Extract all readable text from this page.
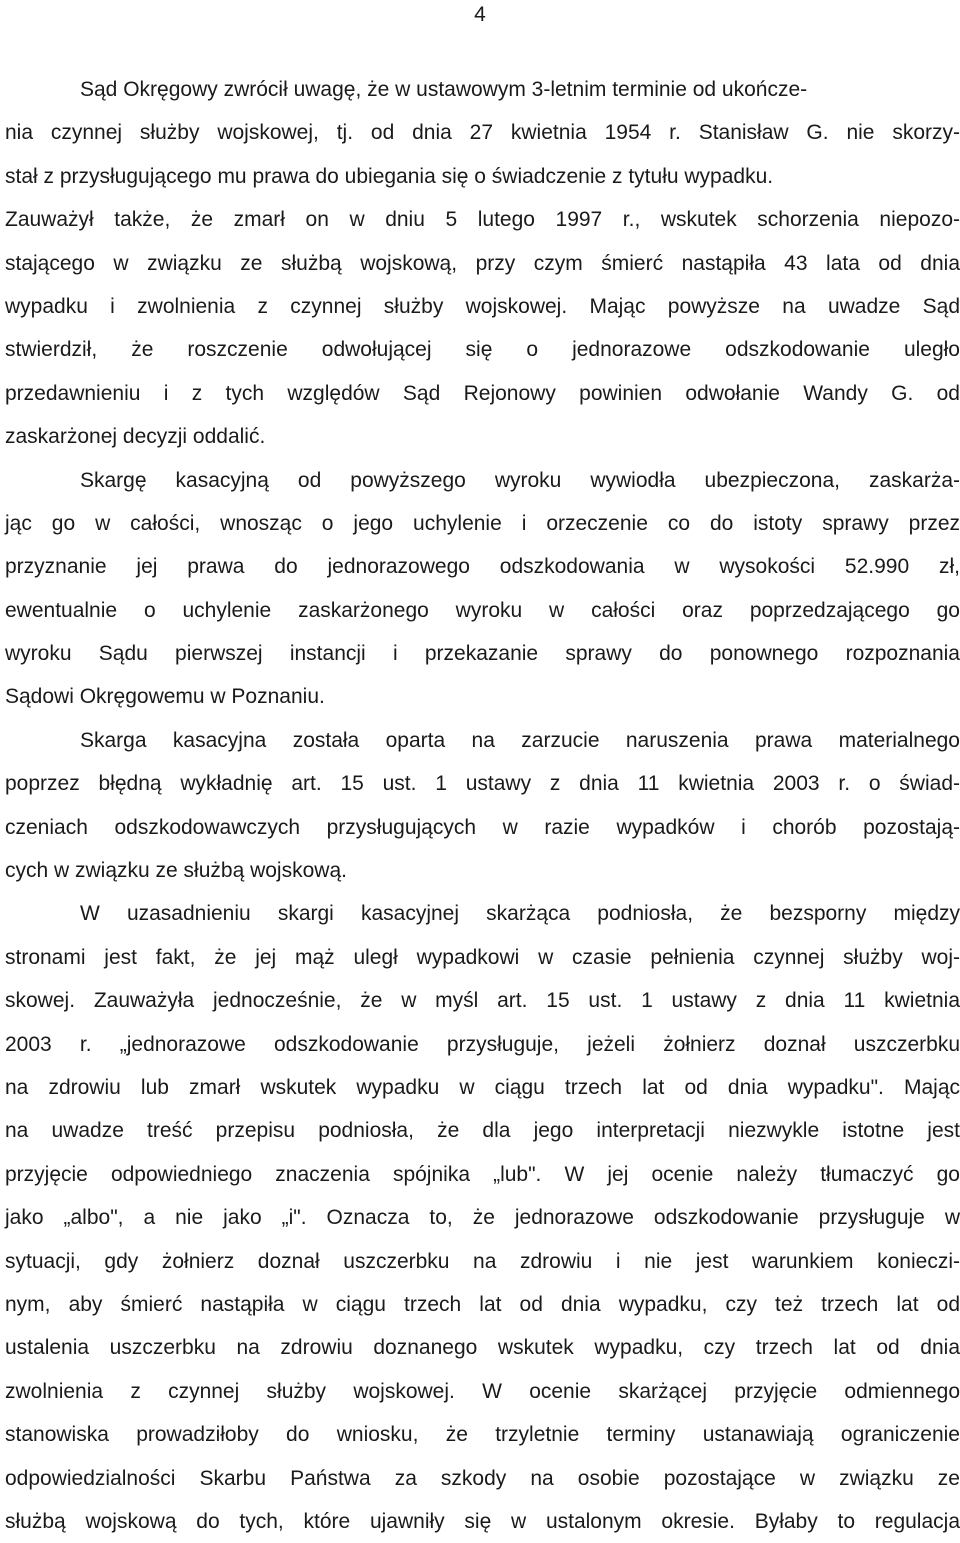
4
Sąd Okręgowy zwrócił uwagę, że w ustawowym 3-letnim terminie od ukończe-
nia czynnej służby wojskowej, tj. od dnia 27 kwietnia 1954 r. Stanisław G. nie skorzy-
stał z przysługującego mu prawa do ubiegania się o świadczenie z tytułu wypadku.
Zauważył także, że zmarł on w dniu 5 lutego 1997 r., wskutek schorzenia niepozo-
stającego w związku ze służbą wojskową, przy czym śmierć nastąpiła 43 lata od dnia
wypadku i zwolnienia z czynnej służby wojskowej. Mając powyższe na uwadze Sąd
stwierdził, że roszczenie odwołującej się o jednorazowe odszkodowanie uległo
przedawnieniu i z tych względów Sąd Rejonowy powinien odwołanie Wandy G. od
zaskarżonej decyzji oddalić.
Skargę kasacyjną od powyższego wyroku wywiodła ubezpieczona, zaskarża-
jąc go w całości, wnosząc o jego uchylenie i orzeczenie co do istoty sprawy przez
przyznanie jej prawa do jednorazowego odszkodowania w wysokości 52.990 zł,
ewentualnie o uchylenie zaskarżonego wyroku w całości oraz poprzedzającego go
wyroku Sądu pierwszej instancji i przekazanie sprawy do ponownego rozpoznania
Sądowi Okręgowemu w Poznaniu.
Skarga kasacyjna została oparta na zarzucie naruszenia prawa materialnego
poprzez błędną wykładnię art. 15 ust. 1 ustawy z dnia 11 kwietnia 2003 r. o świad-
czeniach odszkodowawczych przysługujących w razie wypadków i chorób pozostają-
cych w związku ze służbą wojskową.
W uzasadnieniu skargi kasacyjnej skarżąca podniosła, że bezsporny między
stronami jest fakt, że jej mąż uległ wypadkowi w czasie pełnienia czynnej służby woj-
skowej. Zauważyła jednocześnie, że w myśl art. 15 ust. 1 ustawy z dnia 11 kwietnia
2003 r. „jednorazowe odszkodowanie przysługuje, jeżeli żołnierz doznał uszczerbku
na zdrowiu lub zmarł wskutek wypadku w ciągu trzech lat od dnia wypadku". Mając
na uwadze treść przepisu podniosła, że dla jego interpretacji niezwykle istotne jest
przyjęcie odpowiedniego znaczenia spójnika „lub". W jej ocenie należy tłumaczyć go
jako „albo", a nie jako „i". Oznacza to, że jednorazowe odszkodowanie przysługuje w
sytuacji, gdy żołnierz doznał uszczerbku na zdrowiu i nie jest warunkiem konieczi-
nym, aby śmierć nastąpiła w ciągu trzech lat od dnia wypadku, czy też trzech lat od
ustalenia uszczerbku na zdrowiu doznanego wskutek wypadku, czy trzech lat od dnia
zwolnienia z czynnej służby wojskowej. W ocenie skarżącej przyjęcie odmiennego
stanowiska prowadziłoby do wniosku, że trzyletnie terminy ustanawiają ograniczenie
odpowiedzialności Skarbu Państwa za szkody na osobie pozostające w związku ze
służbą wojskową do tych, które ujawniły się w ustalonym okresie. Byłaby to regulacja
